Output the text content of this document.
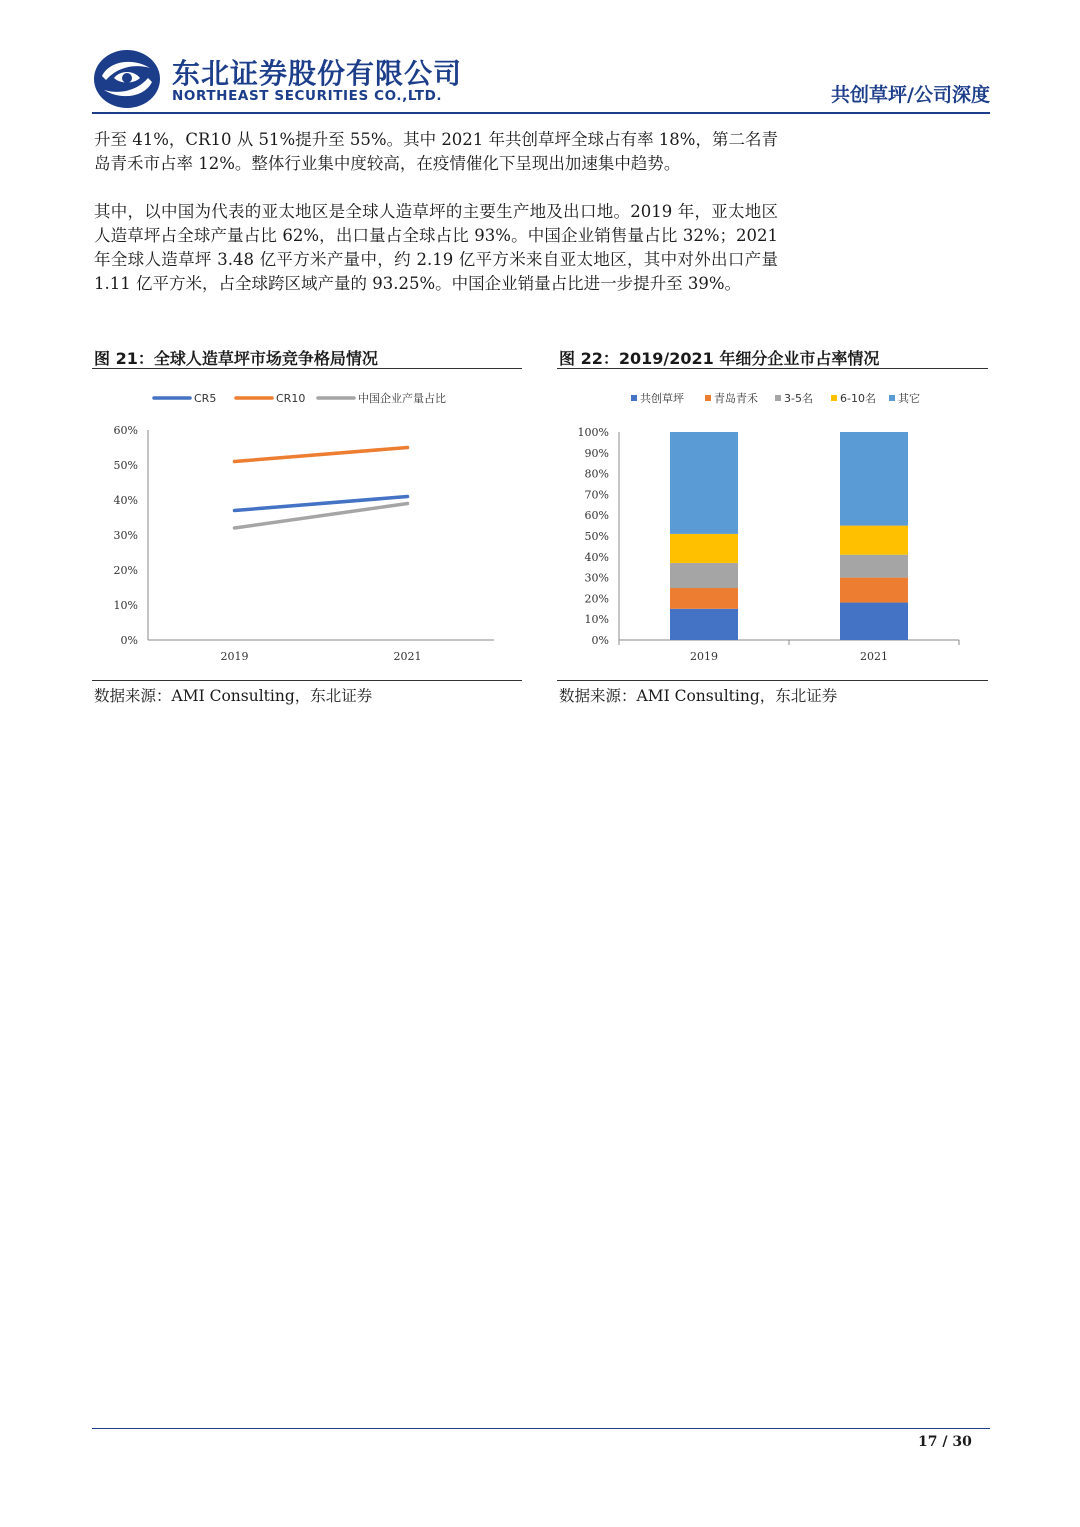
东北证券股份有限公司
NORTHEAST SECURITIES CO.,LTD.	共创草坪/公司深度

升至 41%，CR10 从 51%提升至 55%。其中 2021 年共创草坪全球占有率 18%，第二名青岛青禾市占率 12%。整体行业集中度较高，在疫情催化下呈现出加速集中趋势。

其中，以中国为代表的亚太地区是全球人造草坪的主要生产地及出口地。2019 年，亚太地区人造草坪占全球产量占比 62%，出口量占全球占比 93%。中国企业销售量占比 32%；2021 年全球人造草坪 3.48 亿平方米产量中，约 2.19 亿平方米来自亚太地区，其中对外出口产量 1.11 亿平方米，占全球跨区域产量的 93.25%。中国企业销量占比进一步提升至 39%。

图 21：全球人造草坪市场竞争格局情况
CR5	CR10	中国企业产量占比
0%
10%
20%
30%
40%
50%
60%
2019	2021
数据来源：AMI Consulting，东北证券
图 22：2019/2021 年细分企业市占率情况
共创草坪	青岛青禾 3-5名 6-10名 其它
0%
10%
20%
30%
40%
50%
60%
70%
80%
90%
100%
2019	2021
数据来源：AMI Consulting，东北证券
17 / 30
